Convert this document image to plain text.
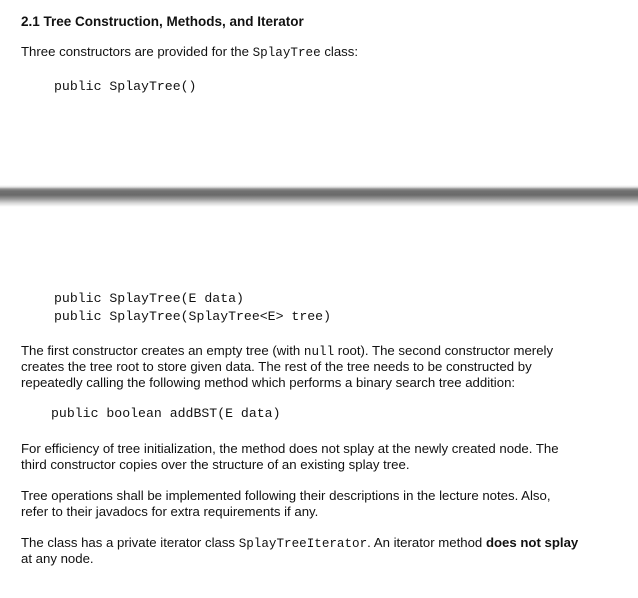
2.1 Tree Construction, Methods, and Iterator
Three constructors are provided for the SplayTree class:
public SplayTree()
public SplayTree(E data)
public SplayTree(SplayTree<E> tree)
The first constructor creates an empty tree (with null root). The second constructor merely
creates the tree root to store given data. The rest of the tree needs to be constructed by
repeatedly calling the following method which performs a binary search tree addition:
public boolean addBST(E data)
For efficiency of tree initialization, the method does not splay at the newly created node. The
third constructor copies over the structure of an existing splay tree.
Tree operations shall be implemented following their descriptions in the lecture notes. Also,
refer to their javadocs for extra requirements if any.
The class has a private iterator class SplayTreeIterator. An iterator method does not splay
at any node.
